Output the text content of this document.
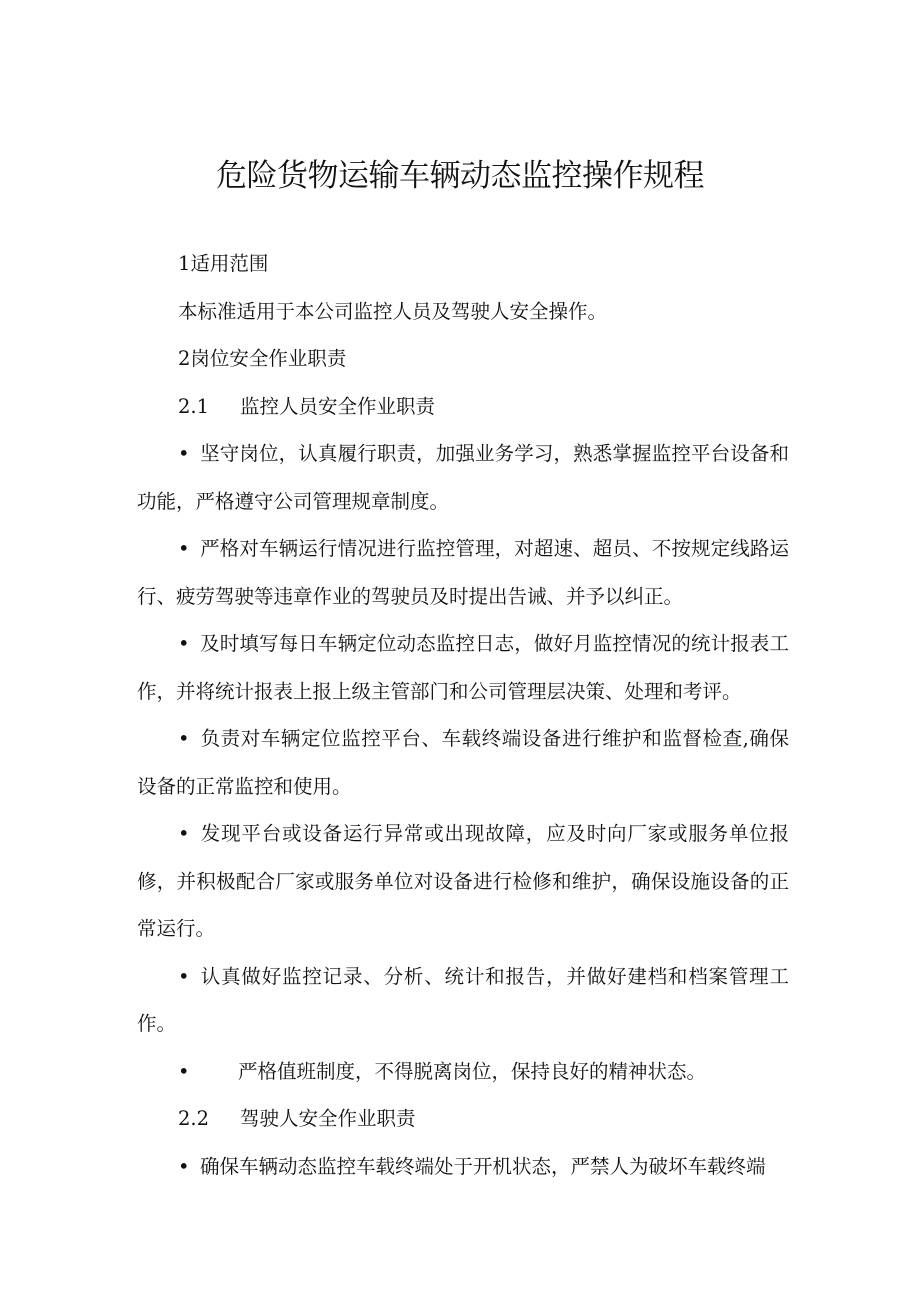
危险货物运输车辆动态监控操作规程

1适用范围

本标准适用于本公司监控人员及驾驶人安全操作。

2岗位安全作业职责

2.1 监控人员安全作业职责

• 坚守岗位，认真履行职责，加强业务学习，熟悉掌握监控平台设备和功能，严格遵守公司管理规章制度。

• 严格对车辆运行情况进行监控管理，对超速、超员、不按规定线路运行、疲劳驾驶等违章作业的驾驶员及时提出告诫、并予以纠正。

• 及时填写每日车辆定位动态监控日志，做好月监控情况的统计报表工作，并将统计报表上报上级主管部门和公司管理层决策、处理和考评。

• 负责对车辆定位监控平台、车载终端设备进行维护和监督检查,确保设备的正常监控和使用。

• 发现平台或设备运行异常或出现故障，应及时向厂家或服务单位报修，并积极配合厂家或服务单位对设备进行检修和维护，确保设施设备的正常运行。

• 认真做好监控记录、分析、统计和报告，并做好建档和档案管理工作。

• 严格值班制度，不得脱离岗位，保持良好的精神状态。

2.2 驾驶人安全作业职责

• 确保车辆动态监控车载终端处于开机状态，严禁人为破坏车载终端
